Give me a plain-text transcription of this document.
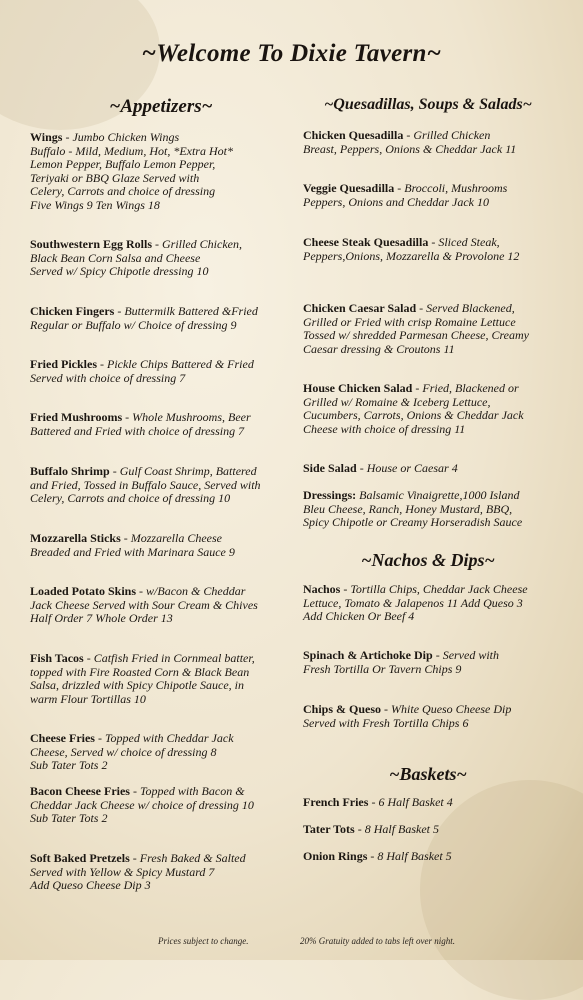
~Welcome To Dixie Tavern~
~Appetizers~
Wings - Jumbo Chicken Wings
Buffalo - Mild, Medium, Hot, *Extra Hot*
Lemon Pepper, Buffalo Lemon Pepper,
Teriyaki or BBQ Glaze Served with
Celery, Carrots and choice of dressing
Five Wings 9 Ten Wings 18
Southwestern Egg Rolls - Grilled Chicken,
Black Bean Corn Salsa and Cheese
Served w/ Spicy Chipotle dressing 10
Chicken Fingers - Buttermilk Battered &Fried
Regular or Buffalo w/ Choice of dressing 9
Fried Pickles - Pickle Chips Battered & Fried
Served with choice of dressing 7
Fried Mushrooms - Whole Mushrooms, Beer
Battered and Fried with choice of dressing 7
Buffalo Shrimp - Gulf Coast Shrimp, Battered
and Fried, Tossed in Buffalo Sauce, Served with
Celery, Carrots and choice of dressing 10
Mozzarella Sticks - Mozzarella Cheese
Breaded and Fried with Marinara Sauce 9
Loaded Potato Skins - w/Bacon & Cheddar
Jack Cheese Served with Sour Cream & Chives
Half Order 7 Whole Order 13
Fish Tacos - Catfish Fried in Cornmeal batter,
topped with Fire Roasted Corn & Black Bean
Salsa, drizzled with Spicy Chipotle Sauce, in
warm Flour Tortillas 10
Cheese Fries - Topped with Cheddar Jack
Cheese, Served w/ choice of dressing 8
Sub Tater Tots 2
Bacon Cheese Fries - Topped with Bacon &
Cheddar Jack Cheese w/ choice of dressing 10
Sub Tater Tots 2
Soft Baked Pretzels - Fresh Baked & Salted
Served with Yellow & Spicy Mustard 7
Add Queso Cheese Dip 3
~Quesadillas, Soups & Salads~
Chicken Quesadilla - Grilled Chicken
Breast, Peppers, Onions & Cheddar Jack 11
Veggie Quesadilla - Broccoli, Mushrooms
Peppers, Onions and Cheddar Jack 10
Cheese Steak Quesadilla - Sliced Steak,
Peppers,Onions, Mozzarella & Provolone 12
Chicken Caesar Salad - Served Blackened,
Grilled or Fried with crisp Romaine Lettuce
Tossed w/ shredded Parmesan Cheese, Creamy
Caesar dressing & Croutons 11
House Chicken Salad - Fried, Blackened or
Grilled w/ Romaine & Iceberg Lettuce,
Cucumbers, Carrots, Onions & Cheddar Jack
Cheese with choice of dressing 11
Side Salad - House or Caesar 4
Dressings: Balsamic Vinaigrette,1000 Island
Bleu Cheese, Ranch, Honey Mustard, BBQ,
Spicy Chipotle or Creamy Horseradish Sauce
~Nachos & Dips~
Nachos - Tortilla Chips, Cheddar Jack Cheese
Lettuce, Tomato & Jalapenos 11 Add Queso 3
Add Chicken Or Beef 4
Spinach & Artichoke Dip - Served with
Fresh Tortilla Or Tavern Chips 9
Chips & Queso - White Queso Cheese Dip
Served with Fresh Tortilla Chips 6
~Baskets~
French Fries - 6 Half Basket 4
Tater Tots - 8 Half Basket 5
Onion Rings - 8 Half Basket 5
Prices subject to change.	20% Gratuity added to tabs left over night.
